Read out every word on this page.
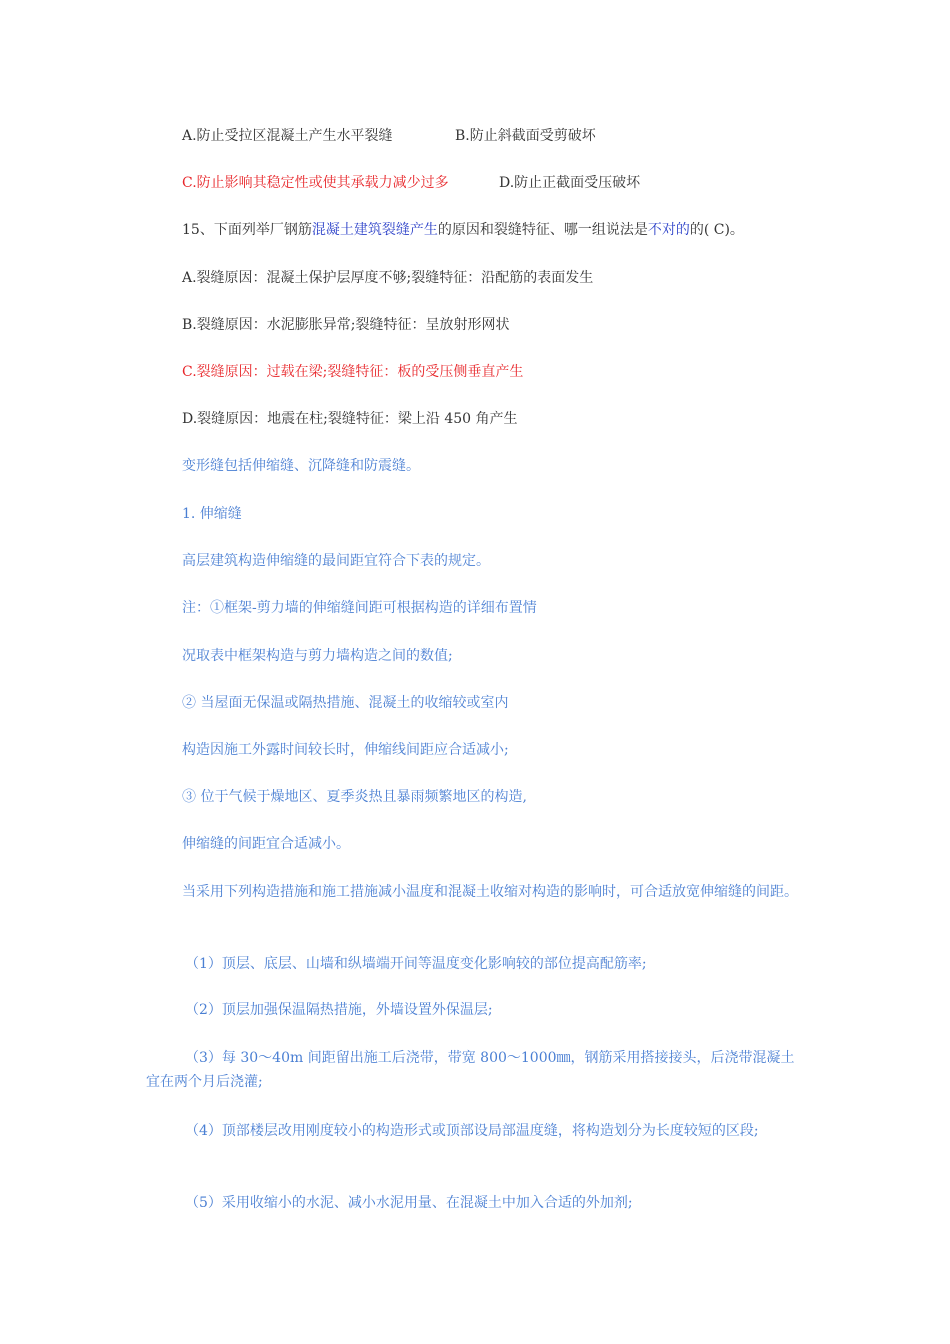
A.防止受拉区混凝土产生水平裂缝	B.防止斜截面受剪破坏
C.防止影响其稳定性或使其承载力减少过多	D.防止正截面受压破坏
15、下面列举厂钢筋混凝土建筑裂缝产生的原因和裂缝特征、哪一组说法是不对的的( C)。
A.裂缝原因：混凝土保护层厚度不够;裂缝特征：沿配筋的表面发生
B.裂缝原因：水泥膨胀异常;裂缝特征：呈放射形网状
C.裂缝原因：过载在梁;裂缝特征：板的受压侧垂直产生
D.裂缝原因：地震在柱;裂缝特征：梁上沿 450 角产生
变形缝包括伸缩缝、沉降缝和防震缝。
1. 伸缩缝
高层建筑构造伸缩缝的最间距宜符合下表的规定。
注：①框架-剪力墙的伸缩缝间距可根据构造的详细布置情
况取表中框架构造与剪力墙构造之间的数值;
② 当屋面无保温或隔热措施、混凝土的收缩较或室内
构造因施工外露时间较长时，伸缩线间距应合适减小;
③ 位于气候于燥地区、夏季炎热且暴雨频繁地区的构造,
伸缩缝的间距宜合适减小。
当采用下列构造措施和施工措施减小温度和混凝土收缩对构造的影响时，可合适放宽伸缩缝的间距。
（1）顶层、底层、山墙和纵墙端开间等温度变化影响较的部位提高配筋率;
（2）顶层加强保温隔热措施，外墙设置外保温层;
（3）每 30～40m 间距留出施工后浇带，带宽 800～1000㎜，钢筋采用搭接接头，后浇带混凝土宜在两个月后浇灌;
（4）顶部楼层改用刚度较小的构造形式或顶部设局部温度缝，将构造划分为长度较短的区段;
（5）采用收缩小的水泥、减小水泥用量、在混凝土中加入合适的外加剂;
